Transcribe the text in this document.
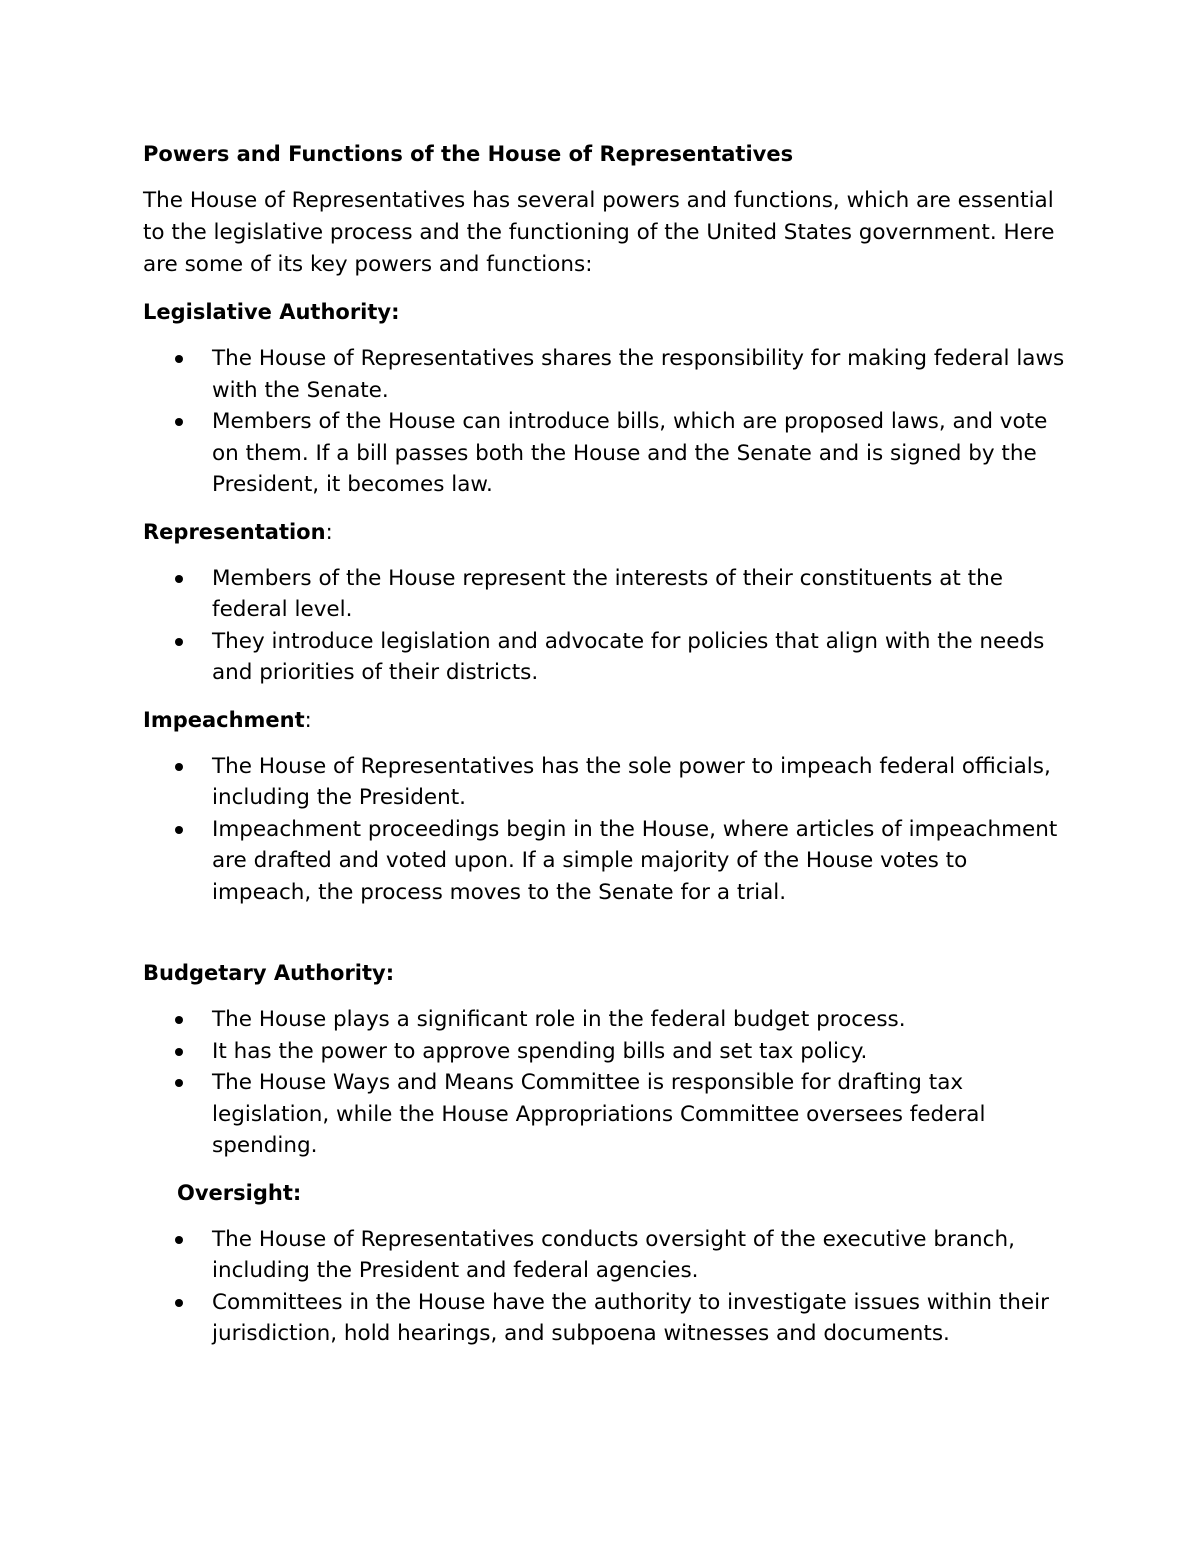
Powers and Functions of the House of Representatives
The House of Representatives has several powers and functions, which are essential to the legislative process and the functioning of the United States government. Here are some of its key powers and functions:
Legislative Authority:
The House of Representatives shares the responsibility for making federal laws with the Senate.
Members of the House can introduce bills, which are proposed laws, and vote on them. If a bill passes both the House and the Senate and is signed by the President, it becomes law.
Representation:
Members of the House represent the interests of their constituents at the federal level.
They introduce legislation and advocate for policies that align with the needs and priorities of their districts.
Impeachment:
The House of Representatives has the sole power to impeach federal officials, including the President.
Impeachment proceedings begin in the House, where articles of impeachment are drafted and voted upon. If a simple majority of the House votes to impeach, the process moves to the Senate for a trial.
Budgetary Authority:
The House plays a significant role in the federal budget process.
It has the power to approve spending bills and set tax policy.
The House Ways and Means Committee is responsible for drafting tax legislation, while the House Appropriations Committee oversees federal spending.
Oversight:
The House of Representatives conducts oversight of the executive branch, including the President and federal agencies.
Committees in the House have the authority to investigate issues within their jurisdiction, hold hearings, and subpoena witnesses and documents.
